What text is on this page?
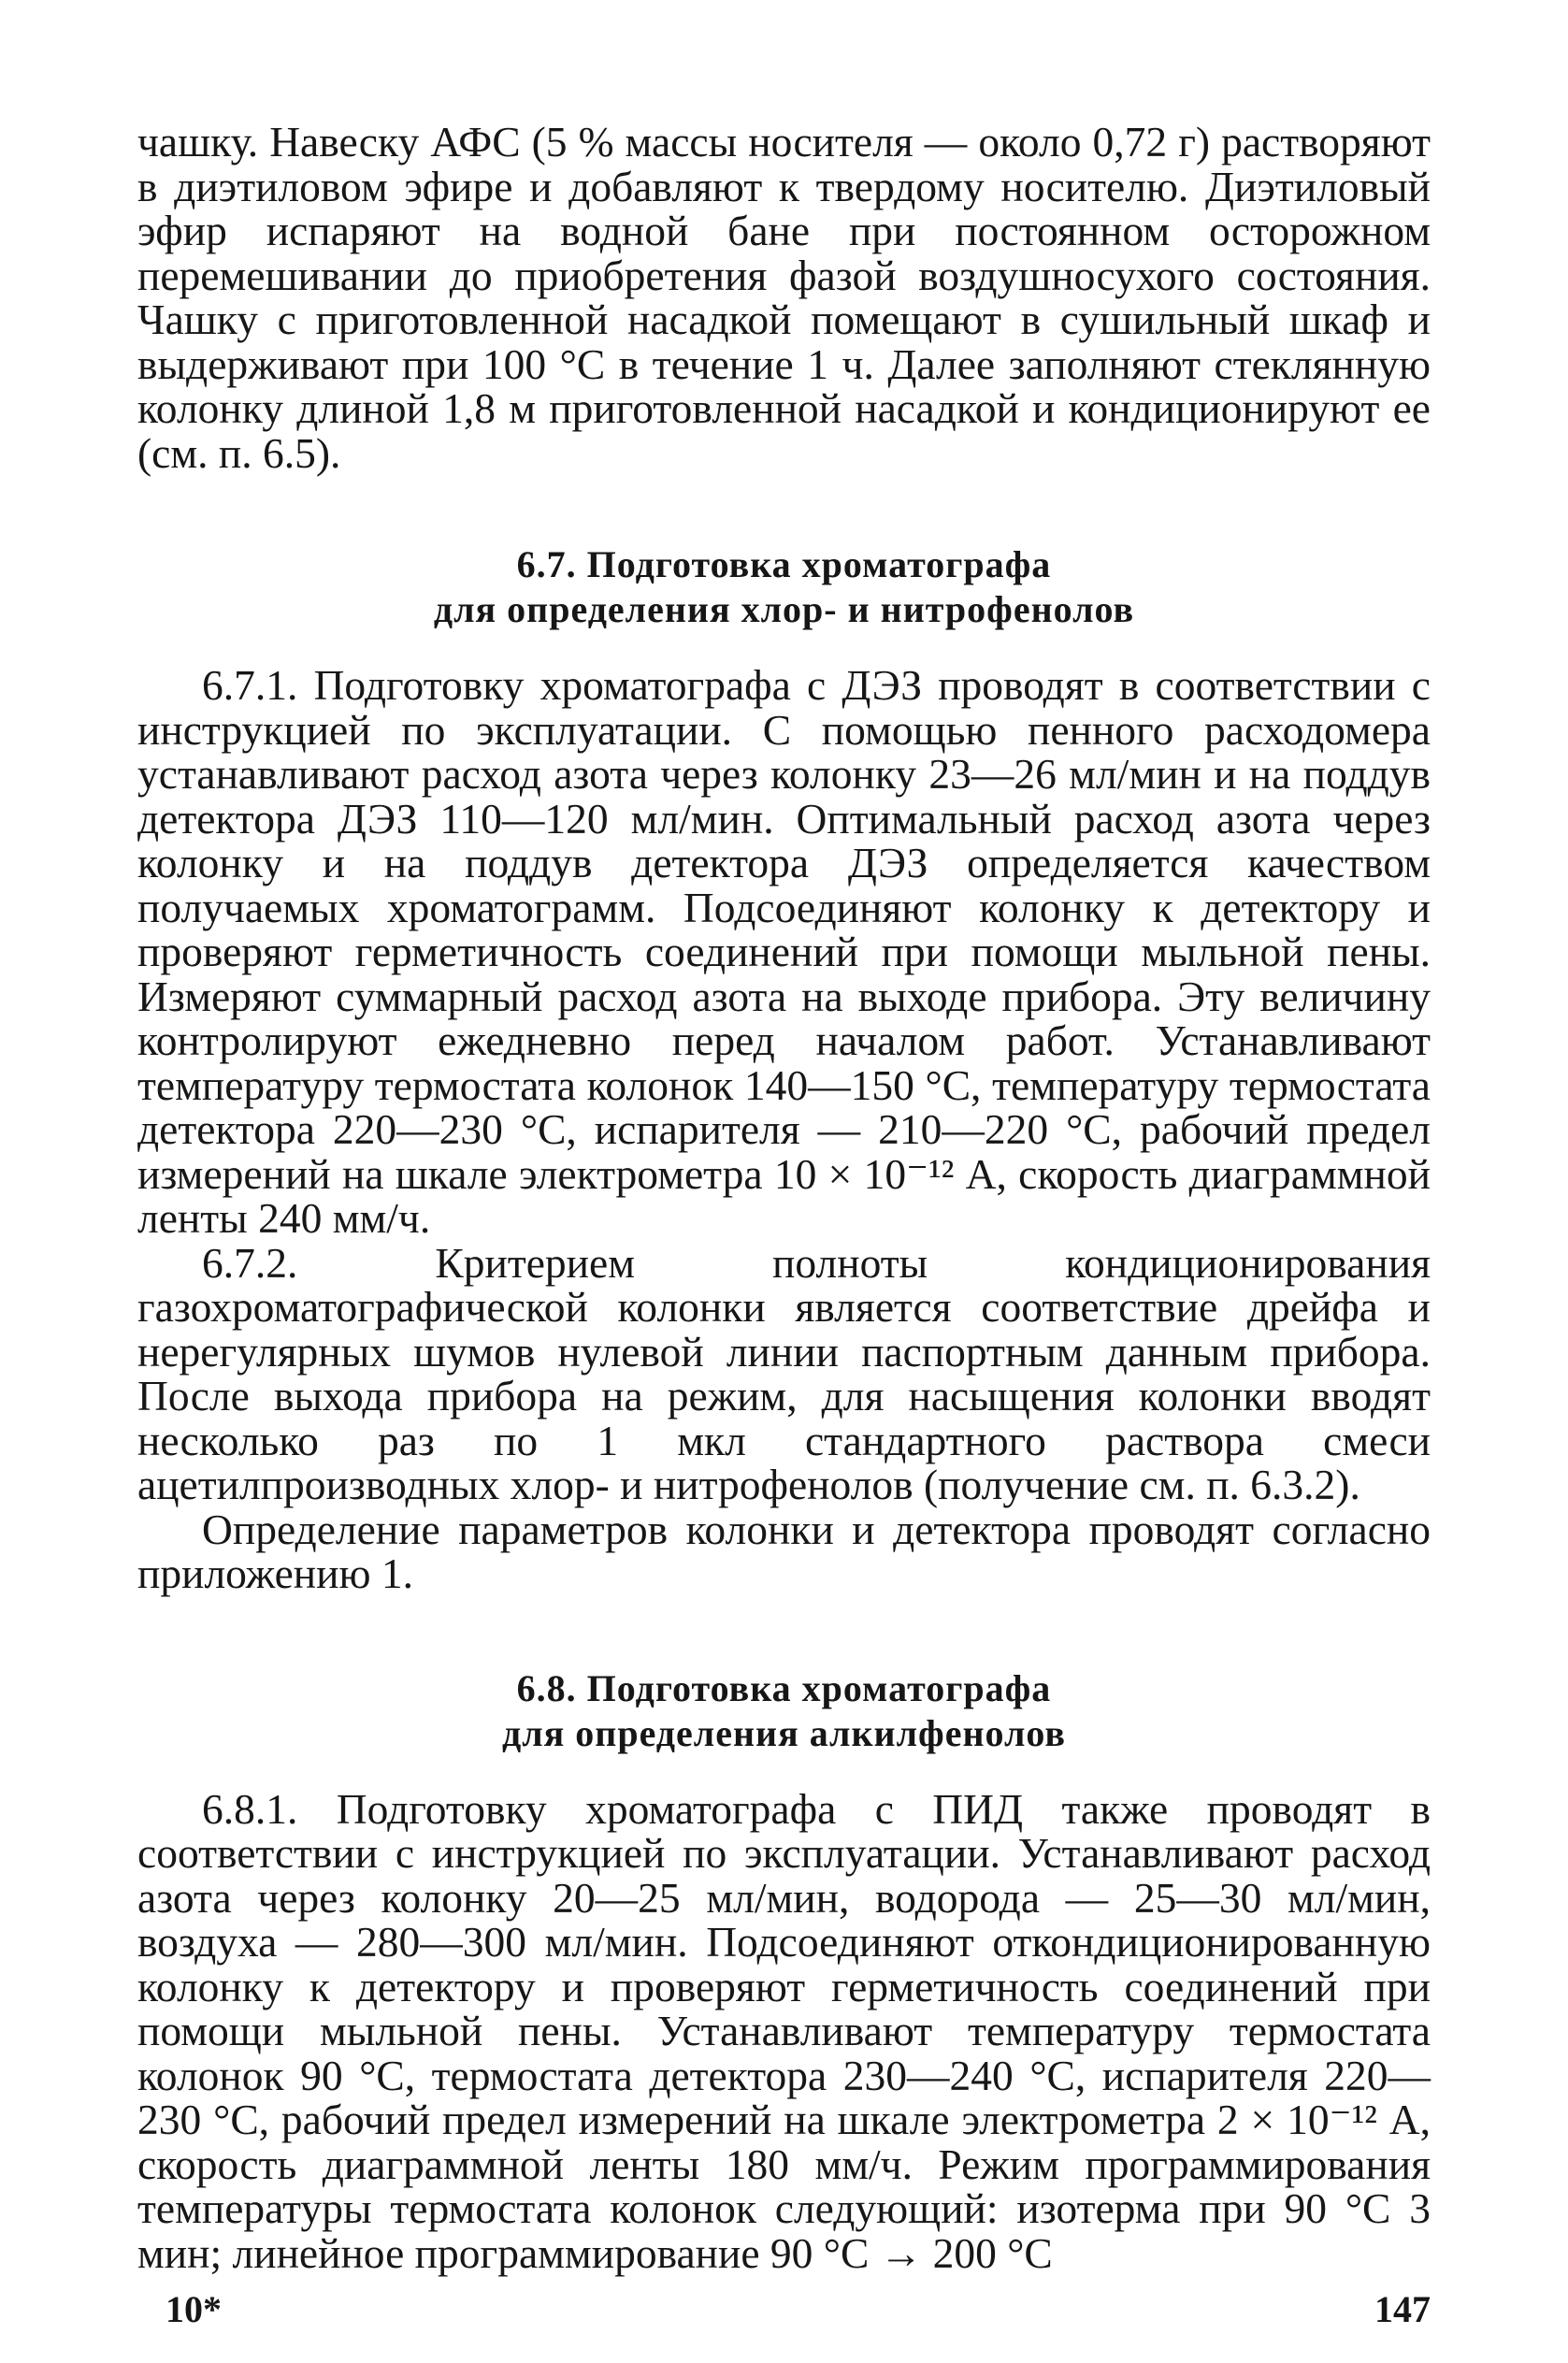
чашку. Навеску АФС (5 % массы носителя — около 0,72 г) растворяют в диэтиловом эфире и добавляют к твердому носителю. Диэтиловый эфир испаряют на водной бане при постоянном осторожном перемешивании до приобретения фазой воздушносухого состояния. Чашку с приготовленной насадкой помещают в сушильный шкаф и выдерживают при 100 °С в течение 1 ч. Далее заполняют стеклянную колонку длиной 1,8 м приготовленной насадкой и кондиционируют ее (см. п. 6.5).

6.7. Подготовка хроматографа
для определения хлор- и нитрофенолов

6.7.1. Подготовку хроматографа с ДЭЗ проводят в соответствии с инструкцией по эксплуатации. С помощью пенного расходомера устанавливают расход азота через колонку 23—26 мл/мин и на поддув детектора ДЭЗ 110—120 мл/мин. Оптимальный расход азота через колонку и на поддув детектора ДЭЗ определяется качеством получаемых хроматограмм. Подсоединяют колонку к детектору и проверяют герметичность соединений при помощи мыльной пены. Измеряют суммарный расход азота на выходе прибора. Эту величину контролируют ежедневно перед началом работ. Устанавливают температуру термостата колонок 140—150 °С, температуру термостата детектора 220—230 °С, испарителя — 210—220 °С, рабочий предел измерений на шкале электрометра 10 × 10⁻¹² А, скорость диаграммной ленты 240 мм/ч.

6.7.2. Критерием полноты кондиционирования газохроматографической колонки является соответствие дрейфа и нерегулярных шумов нулевой линии паспортным данным прибора. После выхода прибора на режим, для насыщения колонки вводят несколько раз по 1 мкл стандартного раствора смеси ацетилпроизводных хлор- и нитрофенолов (получение см. п. 6.3.2).

Определение параметров колонки и детектора проводят согласно приложению 1.

6.8. Подготовка хроматографа
для определения алкилфенолов

6.8.1. Подготовку хроматографа с ПИД также проводят в соответствии с инструкцией по эксплуатации. Устанавливают расход азота через колонку 20—25 мл/мин, водорода — 25—30 мл/мин, воздуха — 280—300 мл/мин. Подсоединяют откондиционированную колонку к детектору и проверяют герметичность соединений при помощи мыльной пены. Устанавливают температуру термостата колонок 90 °С, термостата детектора 230—240 °С, испарителя 220—230 °С, рабочий предел измерений на шкале электрометра 2 × 10⁻¹² А, скорость диаграммной ленты 180 мм/ч. Режим программирования температуры термостата колонок следующий: изотерма при 90 °С 3 мин; линейное программирование 90 °С → 200 °С

10*	147
